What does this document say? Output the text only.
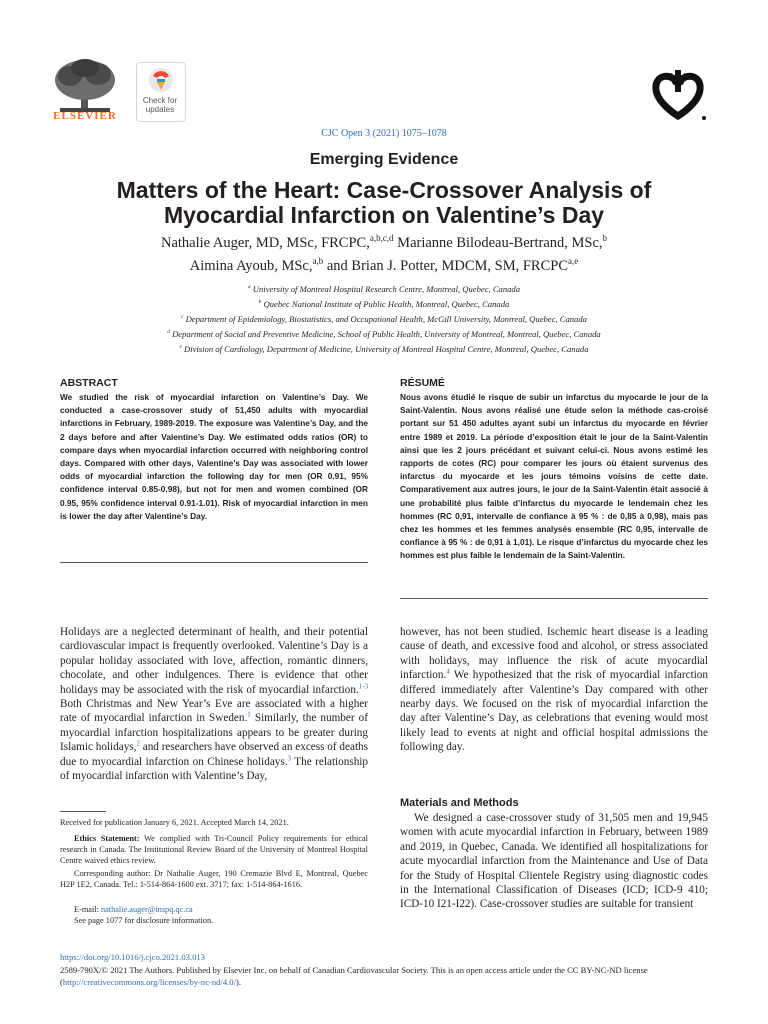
ELSEVIER
Check for updates
CJC Open 3 (2021) 1075–1078
Emerging Evidence
Matters of the Heart: Case-Crossover Analysis of
Myocardial Infarction on Valentine’s Day
Nathalie Auger, MD, MSc, FRCPC,$^{a,b,c,d}$ Marianne Bilodeau-Bertrand, MSc,$^b$
Aimina Ayoub, MSc,$^{a,b}$ and Brian J. Potter, MDCM, SM, FRCPC$^{a,e}$
$^a$ University of Montreal Hospital Research Centre, Montreal, Quebec, Canada
$^b$ Quebec National Institute of Public Health, Montreal, Quebec, Canada
$^c$ Department of Epidemiology, Biostatistics, and Occupational Health, McGill University, Montreal, Quebec, Canada
$^d$ Department of Social and Preventive Medicine, School of Public Health, University of Montreal, Montreal, Quebec, Canada
$^e$ Division of Cardiology, Department of Medicine, University of Montreal Hospital Centre, Montreal, Quebec, Canada
ABSTRACT
We studied the risk of myocardial infarction on Valentine’s Day. We conducted a case-crossover study of 51,450 adults with myocardial infarctions in February, 1989-2019. The exposure was Valentine’s Day, and the 2 days before and after Valentine’s Day. We estimated odds ratios (OR) to compare days when myocardial infarction occurred with neighboring control days. Compared with other days, Valentine’s Day was associated with lower odds of myocardial infarction the following day for men (OR 0.91, 95% confidence interval 0.85-0.98), but not for men and women combined (OR 0.95, 95% confidence interval 0.91-1.01). Risk of myocardial infarction in men is lower the day after Valentine’s Day.
RÉSUMÉ
Nous avons étudié le risque de subir un infarctus du myocarde le jour de la Saint-Valentin. Nous avons réalisé une étude selon la méthode cas-croisé portant sur 51 450 adultes ayant subi un infarctus du myocarde en février entre 1989 et 2019. La période d’exposition était le jour de la Saint-Valentin ainsi que les 2 jours précédant et suivant celui-ci. Nous avons estimé les rapports de cotes (RC) pour comparer les jours où étaient survenus des infarctus du myocarde et les jours témoins voisins de cette date. Comparativement aux autres jours, le jour de la Saint-Valentin était associé à une probabilité plus faible d’infarctus du myocarde le lendemain chez les hommes (RC 0,91, intervalle de confiance à 95 % : de 0,85 à 0,98), mais pas chez les hommes et les femmes analysés ensemble (RC 0,95, intervalle de confiance à 95 % : de 0,91 à 1,01). Le risque d’infarctus du myocarde chez les hommes est plus faible le lendemain de la Saint-Valentin.
Holidays are a neglected determinant of health, and their potential cardiovascular impact is frequently overlooked. Valentine’s Day is a popular holiday associated with love, affection, romantic dinners, chocolate, and other indulgences. There is evidence that other holidays may be associated with the risk of myocardial infarction.$^{1-3}$ Both Christmas and New Year’s Eve are associated with a higher rate of myocardial infarction in Sweden.$^1$ Similarly, the number of myocardial infarction hospitalizations appears to be greater during Islamic holidays,$^2$ and researchers have observed an excess of deaths due to myocardial infarction on Chinese holidays.$^3$ The relationship of myocardial infarction with Valentine’s Day,
however, has not been studied. Ischemic heart disease is a leading cause of death, and excessive food and alcohol, or stress associated with holidays, may influence the risk of acute myocardial infarction.$^4$ We hypothesized that the risk of myocardial infarction differed immediately after Valentine’s Day compared with other nearby days. We focused on the risk of myocardial infarction the day after Valentine’s Day, as celebrations that evening would most likely lead to events at night and official hospital admissions the following day.
Materials and Methods
We designed a case-crossover study of 31,505 men and 19,945 women with acute myocardial infarction in February, between 1989 and 2019, in Quebec, Canada. We identified all hospitalizations for acute myocardial infarction from the Maintenance and Use of Data for the Study of Hospital Clientele Registry using diagnostic codes in the International Classification of Diseases (ICD; ICD-9 410; ICD-10 I21-I22). Case-crossover studies are suitable for transient
Received for publication January 6, 2021. Accepted March 14, 2021.
Ethics Statement: We complied with Tri-Council Policy requirements for ethical research in Canada. The Institutional Review Board of the University of Montreal Hospital Centre waived ethics review.
Corresponding author: Dr Nathalie Auger, 190 Cremazie Blvd E, Montreal, Quebec H2P 1E2, Canada. Tel.: 1-514-864-1600 ext. 3717; fax: 1-514-864-1616.
E-mail: nathalie.auger@inspq.qc.ca
See page 1077 for disclosure information.
https://doi.org/10.1016/j.cjco.2021.03.013
2589-790X/© 2021 The Authors. Published by Elsevier Inc. on behalf of Canadian Cardiovascular Society. This is an open access article under the CC BY-NC-ND license (http://creativecommons.org/licenses/by-nc-nd/4.0/).
